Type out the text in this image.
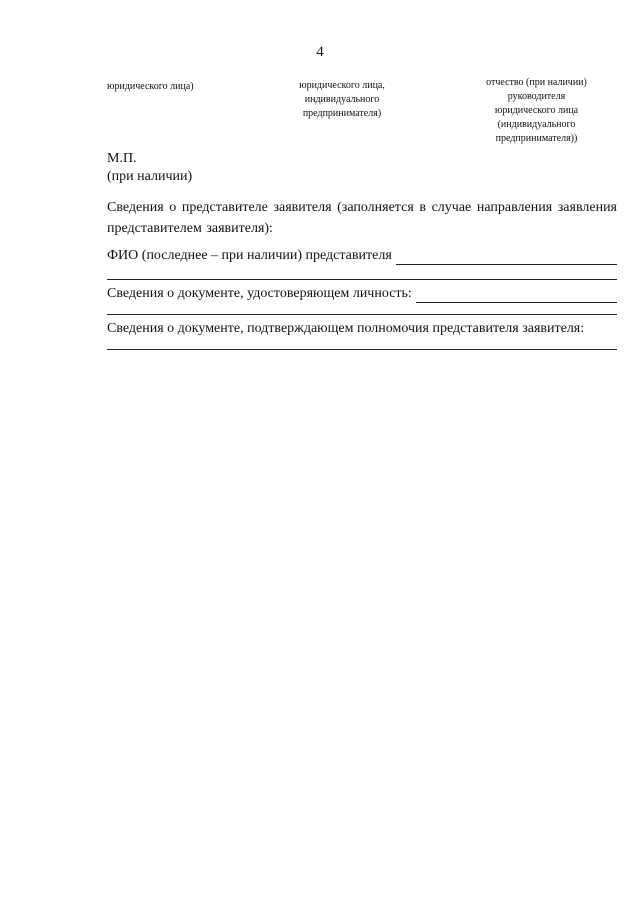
4
юридического лица)	юридического лица,
индивидуального
предпринимателя)
отчество (при наличии)
руководителя
юридического лица
(индивидуального
предпринимателя))
М.П.
(при наличии)
Сведения о представителе заявителя (заполняется в случае направления заявления представителем заявителя):
ФИО (последнее – при наличии) представителя
Сведения о документе, удостоверяющем личность:
Сведения о документе, подтверждающем полномочия представителя заявителя:
